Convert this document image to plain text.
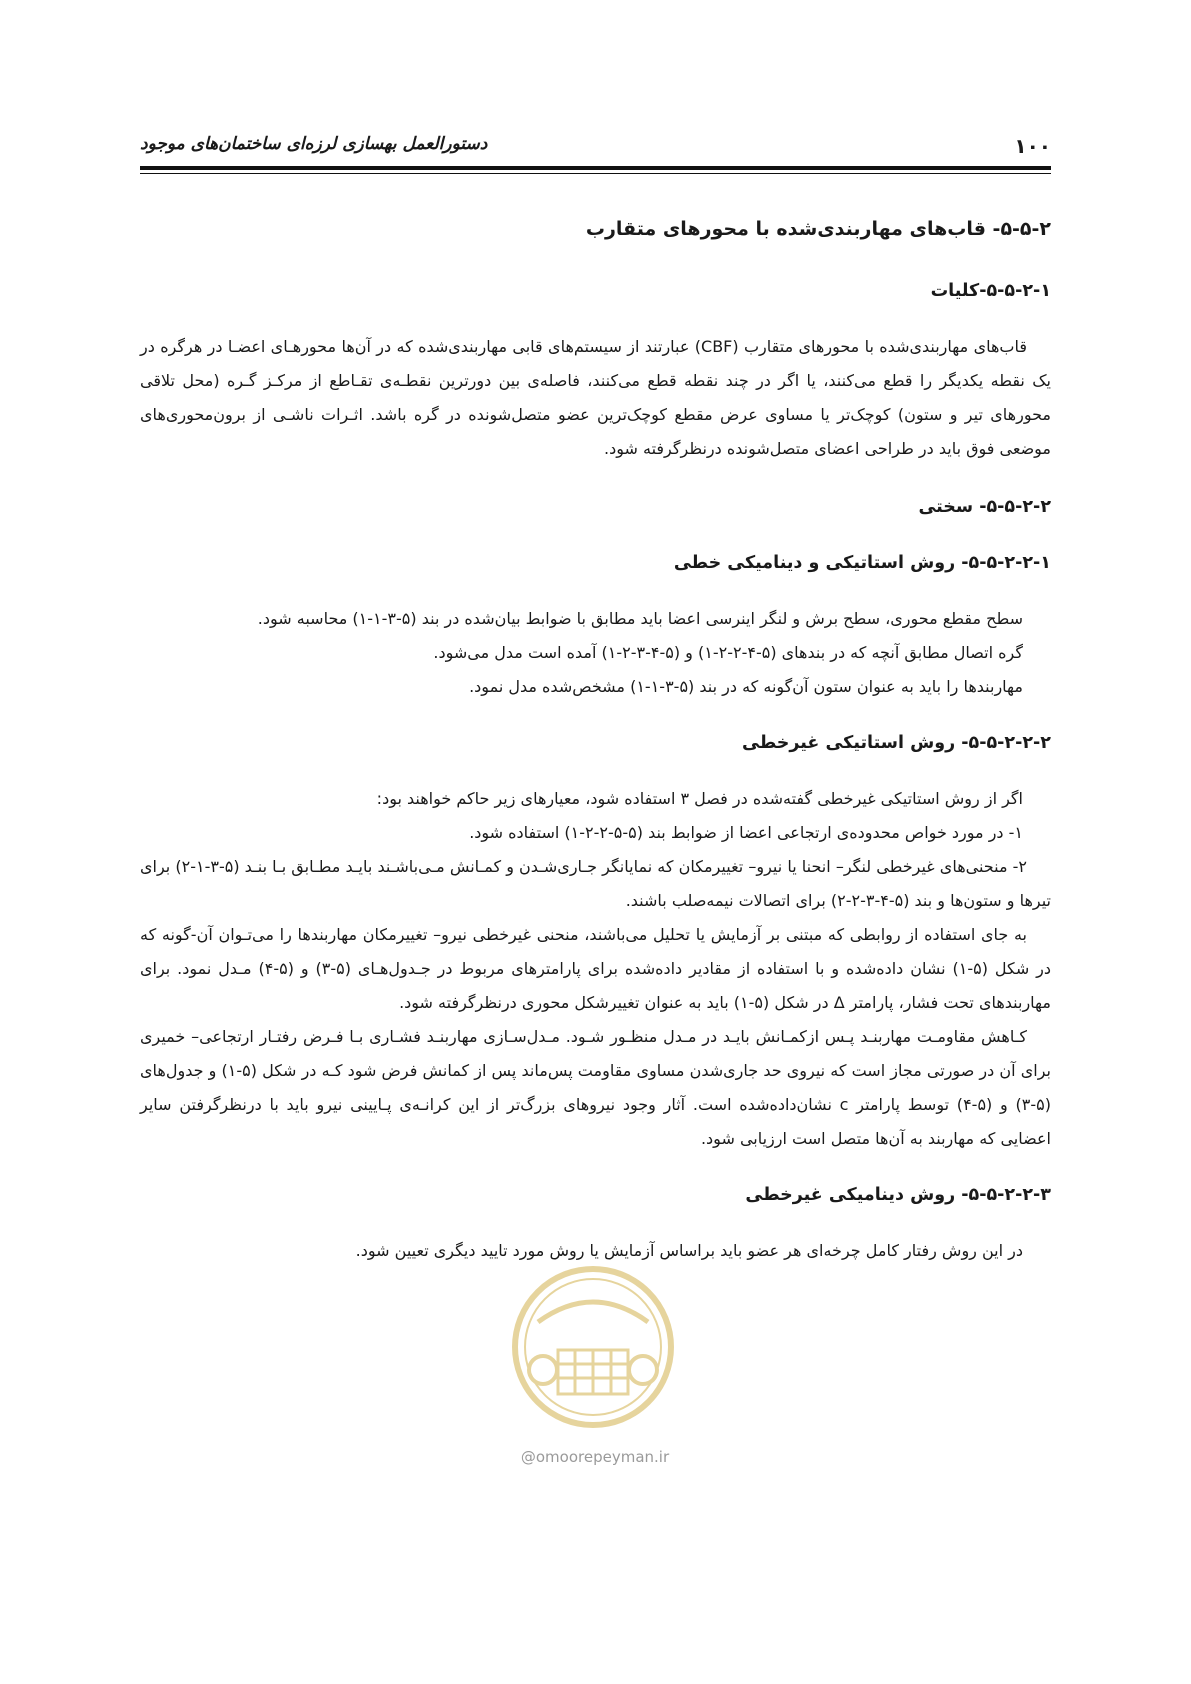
۱۰۰
دستورالعمل بهسازی لرزه‌ای ساختمان‌های موجود

۵-۵-۲- قاب‌های مهاربندی‌شده با محورهای متقارب

۵-۵-۲-۱-کلیات

قاب‌های مهاربندی‌شده با محورهای متقارب (CBF) عبارتند از سیستم‌های قابی مهاربندی‌شده که در آن‌ها محورهـای اعضـا در هرگره در یک نقطه یکدیگر را قطع می‌کنند، یا اگر در چند نقطه قطع می‌کنند، فاصله‌ی بین دورترین نقطـه‌ی تقـاطع از مرکـز گـره (محل تلاقی محورهای تیر و ستون) کوچک‌تر یا مساوی عرض مقطع کوچک‌ترین عضو متصل‌شونده در گره باشد. اثـرات ناشـی از برون‌محوری‌های موضعی فوق باید در طراحی اعضای متصل‌شونده درنظرگرفته شود.

۵-۵-۲-۲- سختی

۵-۵-۲-۲-۱- روش استاتیکی و دینامیکی خطی

سطح مقطع محوری، سطح برش و لنگر اینرسی اعضا باید مطابق با ضوابط بیان‌شده در بند (۵-۳-۱-۱) محاسبه شود.

گره اتصال مطابق آنچه که در بندهای (۵-۴-۲-۲-۱) و (۵-۴-۳-۲-۱) آمده است مدل می‌شود.

مهاربندها را باید به عنوان ستون آن‌گونه که در بند (۵-۳-۱-۱) مشخص‌شده مدل نمود.

۵-۵-۲-۲-۲- روش استاتیکی غیرخطی

اگر از روش استاتیکی غیرخطی گفته‌شده در فصل ۳ استفاده شود، معیارهای زیر حاکم خواهند بود:

۱- در مورد خواص محدوده‌ی ارتجاعی اعضا از ضوابط بند (۵-۵-۲-۲-۱) استفاده شود.

۲- منحنی‌های غیرخطی لنگر– انحنا یا نیرو– تغییرمکان که نمایانگر جـاری‌شـدن و کمـانش مـی‌باشـند بایـد مطـابق بـا بنـد (۵-۳-۱-۲) برای تیرها و ستون‌ها و بند (۵-۴-۳-۲-۲) برای اتصالات نیمه‌صلب باشند.

به جای استفاده از روابطی که مبتنی بر آزمایش یا تحلیل می‌باشند، منحنی غیرخطی نیرو– تغییرمکان مهاربندها را می‌تـوان آن-گونه که در شکل (۵-۱) نشان داده‌شده و با استفاده از مقادیر داده‌شده برای پارامترهای مربوط در جـدول‌هـای (۵-۳) و (۵-۴) مـدل نمود. برای مهاربندهای تحت فشار، پارامتر Δ در شکل (۵-۱) باید به عنوان تغییرشکل محوری درنظرگرفته شود.

کـاهش مقاومـت مهاربنـد پـس ازکمـانش بایـد در مـدل منظـور شـود. مـدل‌سـازی مهاربنـد فشـاری بـا فـرض رفتـار ارتجاعی– خمیری برای آن در صورتی مجاز است که نیروی حد جاری‌شدن مساوی مقاومت پس‌ماند پس از کمانش فرض شود کـه در شکل (۵-۱) و جدول‌های (۵-۳) و (۵-۴) توسط پارامتر c نشان‌داده‌شده است. آثار وجود نیروهای بزرگ‌تر از این کرانـه‌ی پـایینی نیرو باید با درنظرگرفتن سایر اعضایی که مهاربند به آن‌ها متصل است ارزیابی شود.

۵-۵-۲-۲-۳- روش دینامیکی غیرخطی

در این روش رفتار کامل چرخه‌ای هر عضو باید براساس آزمایش یا روش مورد تایید دیگری تعیین شود.

@omoorepeyman.ir
